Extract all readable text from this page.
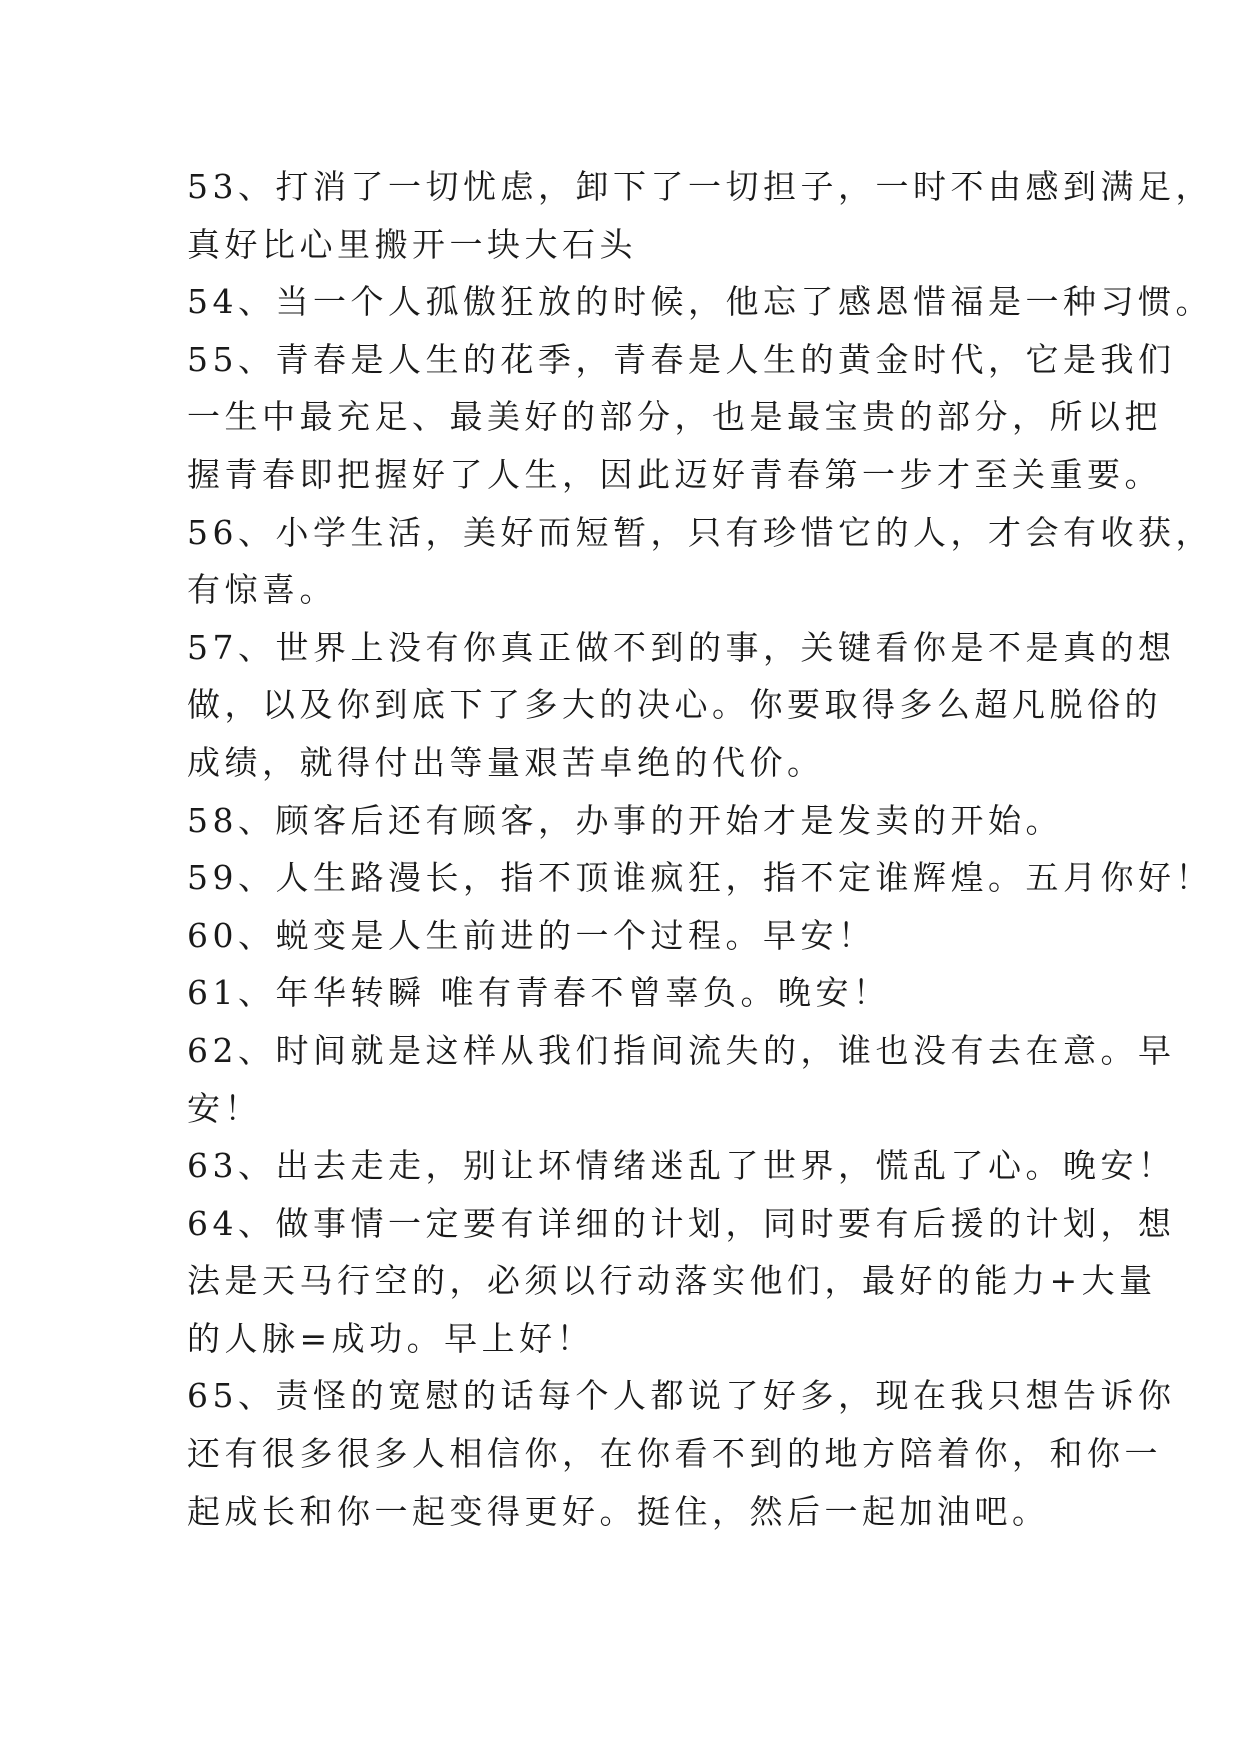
53、打消了一切忧虑，卸下了一切担子，一时不由感到满足，
真好比心里搬开一块大石头
54、当一个人孤傲狂放的时候，他忘了感恩惜福是一种习惯。
55、青春是人生的花季，青春是人生的黄金时代，它是我们
一生中最充足、最美好的部分，也是最宝贵的部分，所以把
握青春即把握好了人生，因此迈好青春第一步才至关重要。
56、小学生活，美好而短暂，只有珍惜它的人，才会有收获，
有惊喜。
57、世界上没有你真正做不到的事，关键看你是不是真的想
做，以及你到底下了多大的决心。你要取得多么超凡脱俗的
成绩，就得付出等量艰苦卓绝的代价。
58、顾客后还有顾客，办事的开始才是发卖的开始。
59、人生路漫长，指不顶谁疯狂，指不定谁辉煌。五月你好！
60、蜕变是人生前进的一个过程。早安！
61、年华转瞬 唯有青春不曾辜负。晚安！
62、时间就是这样从我们指间流失的，谁也没有去在意。早
安！
63、出去走走，别让坏情绪迷乱了世界，慌乱了心。晚安！
64、做事情一定要有详细的计划，同时要有后援的计划，想
法是天马行空的，必须以行动落实他们，最好的能力+大量
的人脉=成功。早上好！
65、责怪的宽慰的话每个人都说了好多，现在我只想告诉你
还有很多很多人相信你，在你看不到的地方陪着你，和你一
起成长和你一起变得更好。挺住，然后一起加油吧。
